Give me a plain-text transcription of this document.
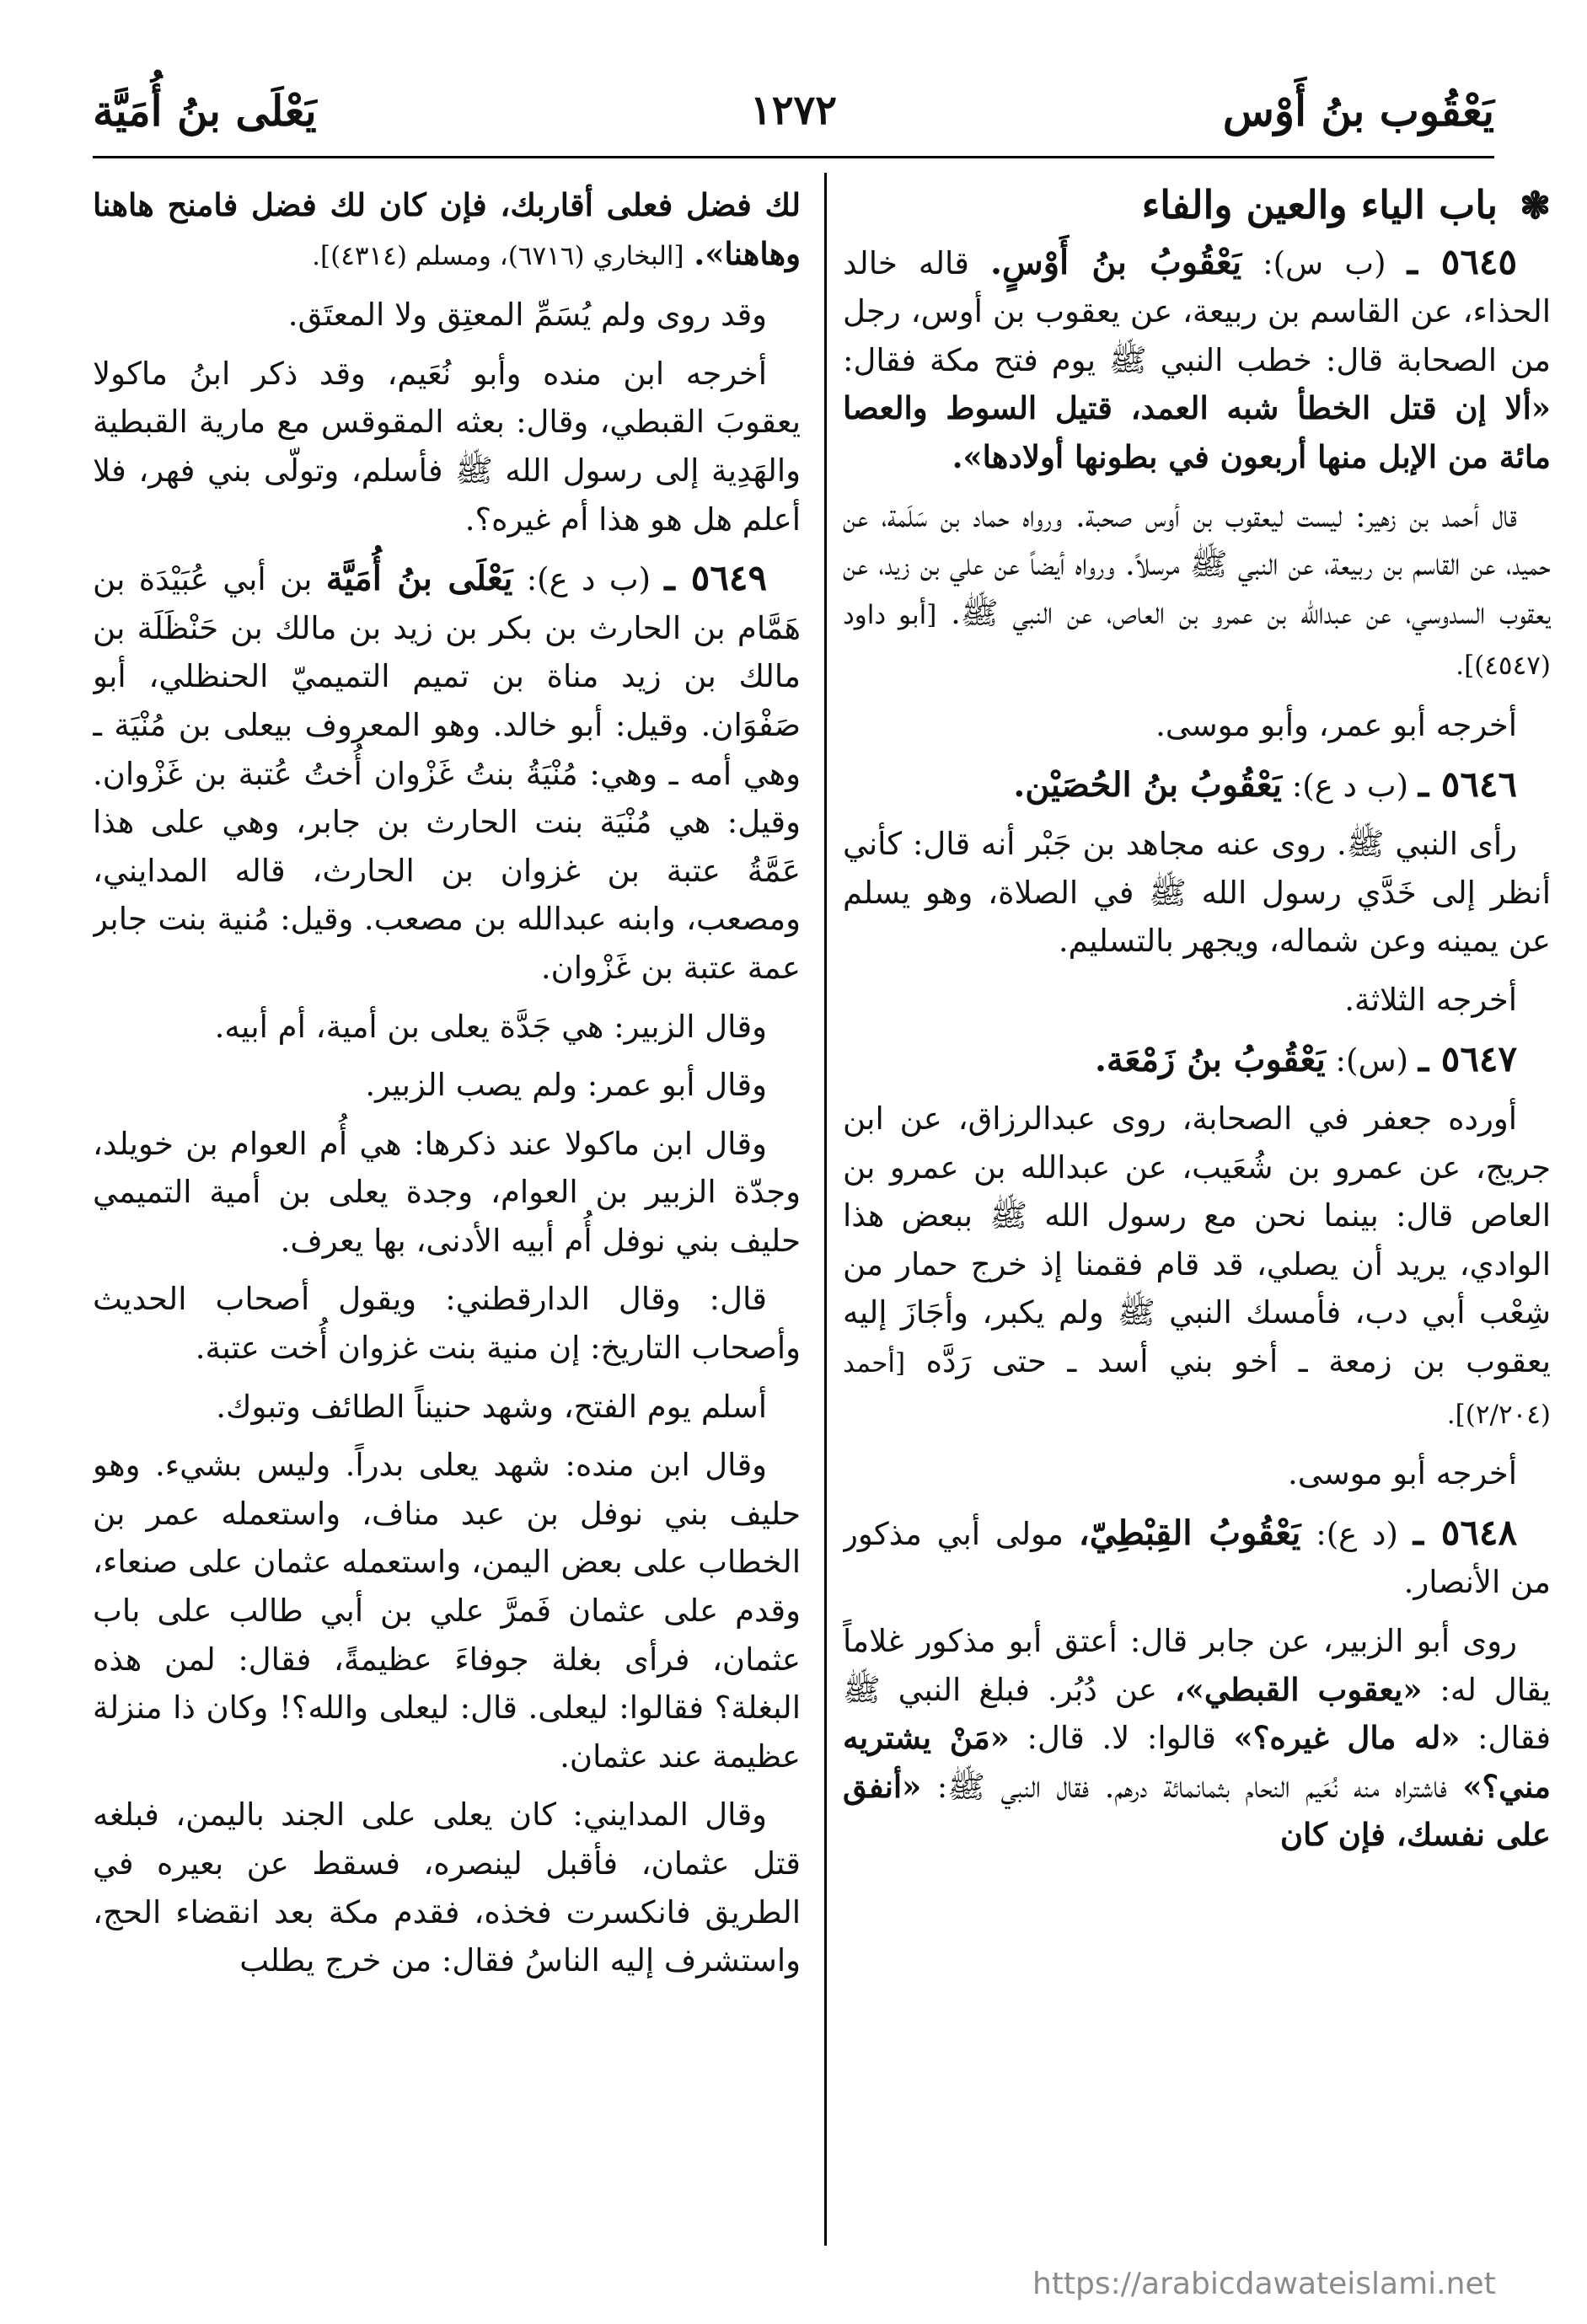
يَعْقُوب بنُ أَوْس
١٢٧٢
يَعْلَى بنُ أُمَيَّة
❃ باب الياء والعين والفاء

٥٦٤٥ ـ (ب س): يَعْقُوبُ بنُ أَوْسٍ. قاله خالد الحذاء، عن القاسم بن ربيعة، عن يعقوب بن أوس، رجل من الصحابة قال: خطب النبي ﷺ يوم فتح مكة فقال: «ألا إن قتل الخطأ شبه العمد، قتيل السوط والعصا مائة من الإبل منها أربعون في بطونها أولادها».

قال أحمد بن زهير: ليست ليعقوب بن أوس صحبة. ورواه حماد بن سَلَمة، عن حميد، عن القاسم بن ربيعة، عن النبي ﷺ مرسلاً. ورواه أيضاً عن علي بن زيد، عن يعقوب السدوسي، عن عبدالله بن عمرو بن العاص، عن النبي ﷺ. [أبو داود (٤٥٤٧)].

أخرجه أبو عمر، وأبو موسى.

٥٦٤٦ ـ (ب د ع): يَعْقُوبُ بنُ الحُصَيْن.

رأى النبي ﷺ. روى عنه مجاهد بن جَبْر أنه قال: كأني أنظر إلى خَدَّي رسول الله ﷺ في الصلاة، وهو يسلم عن يمينه وعن شماله، ويجهر بالتسليم.

أخرجه الثلاثة.

٥٦٤٧ ـ (س): يَعْقُوبُ بنُ زَمْعَة.

أورده جعفر في الصحابة، روى عبدالرزاق، عن ابن جريج، عن عمرو بن شُعَيب، عن عبدالله بن عمرو بن العاص قال: بينما نحن مع رسول الله ﷺ ببعض هذا الوادي، يريد أن يصلي، قد قام فقمنا إذ خرج حمار من شِعْب أبي دب، فأمسك النبي ﷺ ولم يكبر، وأجَازَ إليه يعقوب بن زمعة ـ أخو بني أسد ـ حتى رَدَّه [أحمد (٢/٢٠٤)].

أخرجه أبو موسى.

٥٦٤٨ ـ (د ع): يَعْقُوبُ القِبْطِيّ، مولى أبي مذكور من الأنصار.

روى أبو الزبير، عن جابر قال: أعتق أبو مذكور غلاماً يقال له: «يعقوب القبطي»، عن دُبُر. فبلغ النبي ﷺ فقال: «له مال غيره؟» قالوا: لا. قال: «مَنْ يشتريه مني؟» فاشتراه منه نُعَيم النحام بثمانمائة درهم. فقال النبي ﷺ: «أنفق على نفسك، فإن كان

لك فضل فعلى أقاربك، فإن كان لك فضل فامنح هاهنا وهاهنا». [البخاري (٦٧١٦)، ومسلم (٤٣١٤)].

وقد روى ولم يُسَمِّ المعتِق ولا المعتَق.

أخرجه ابن منده وأبو نُعَيم، وقد ذكر ابنُ ماكولا يعقوبَ القبطي، وقال: بعثه المقوقس مع مارية القبطية والهَدِية إلى رسول الله ﷺ فأسلم، وتولّى بني فهر، فلا أعلم هل هو هذا أم غيره؟.

٥٦٤٩ ـ (ب د ع): يَعْلَى بنُ أُمَيَّة بن أبي عُبَيْدَة بن هَمَّام بن الحارث بن بكر بن زيد بن مالك بن حَنْظَلَة بن مالك بن زيد مناة بن تميم التميميّ الحنظلي، أبو صَفْوَان. وقيل: أبو خالد. وهو المعروف بيعلى بن مُنْيَة ـ وهي أمه ـ وهي: مُنْيَةُ بنتُ غَزْوان أُختُ عُتبة بن غَزْوان. وقيل: هي مُنْيَة بنت الحارث بن جابر، وهي على هذا عَمَّةُ عتبة بن غزوان بن الحارث، قاله المدايني، ومصعب، وابنه عبدالله بن مصعب. وقيل: مُنية بنت جابر عمة عتبة بن غَزْوان.

وقال الزبير: هي جَدَّة يعلى بن أمية، أم أبيه.

وقال أبو عمر: ولم يصب الزبير.

وقال ابن ماكولا عند ذكرها: هي أُم العوام بن خويلد، وجدّة الزبير بن العوام، وجدة يعلى بن أمية التميمي حليف بني نوفل أُم أبيه الأدنى، بها يعرف.

قال: وقال الدارقطني: ويقول أصحاب الحديث وأصحاب التاريخ: إن منية بنت غزوان أُخت عتبة.

أسلم يوم الفتح، وشهد حنيناً الطائف وتبوك.

وقال ابن منده: شهد يعلى بدراً. وليس بشيء. وهو حليف بني نوفل بن عبد مناف، واستعمله عمر بن الخطاب على بعض اليمن، واستعمله عثمان على صنعاء، وقدم على عثمان فَمرَّ علي بن أبي طالب على باب عثمان، فرأى بغلة جوفاءَ عظيمةً، فقال: لمن هذه البغلة؟ فقالوا: ليعلى. قال: ليعلى والله؟! وكان ذا منزلة عظيمة عند عثمان.

وقال المدايني: كان يعلى على الجند باليمن، فبلغه قتل عثمان، فأقبل لينصره، فسقط عن بعيره في الطريق فانكسرت فخذه، فقدم مكة بعد انقضاء الحج، واستشرف إليه الناسُ فقال: من خرج يطلب

https://arabicdawateislami.net
